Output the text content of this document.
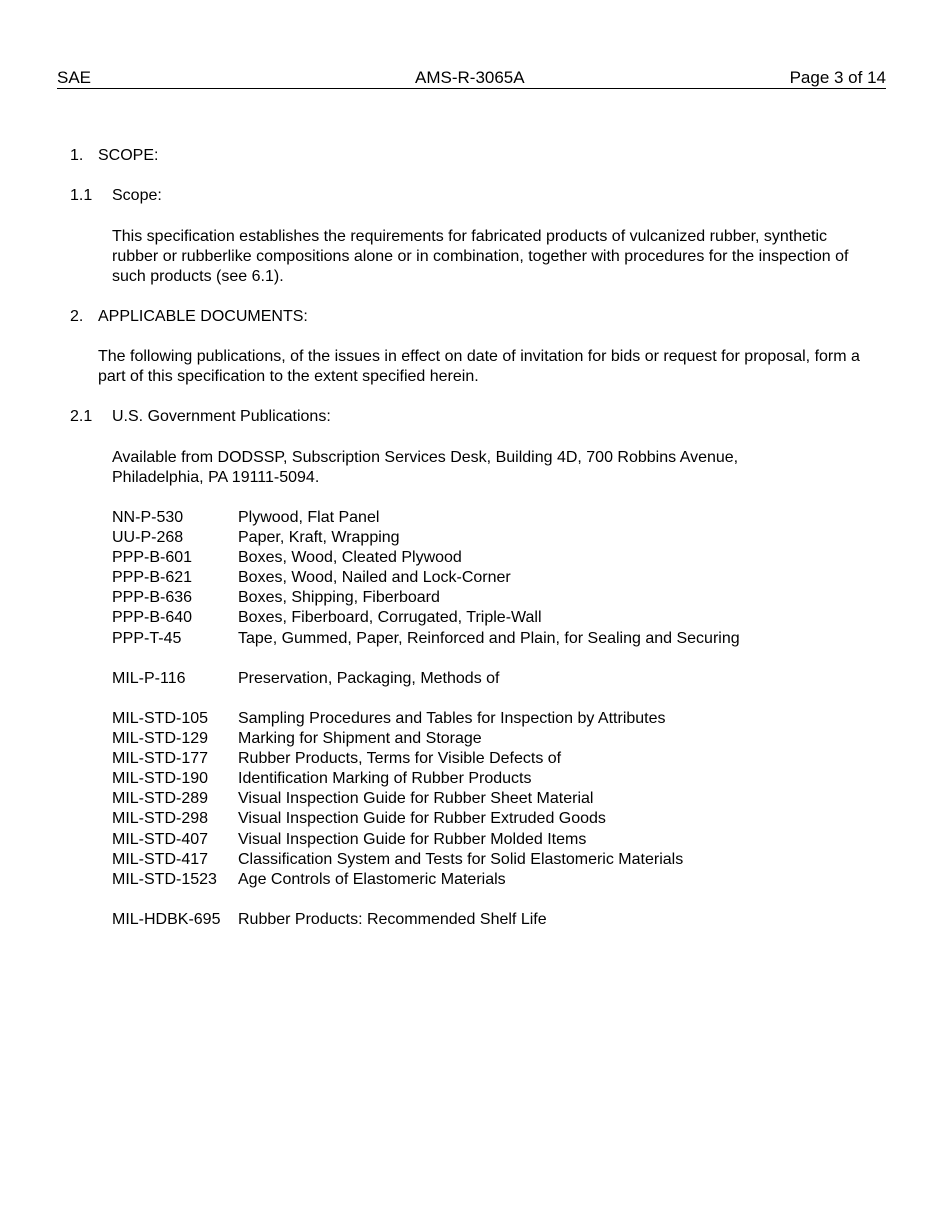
SAE	AMS-R-3065A	Page 3 of 14
1. SCOPE:
1.1 Scope:
This specification establishes the requirements for fabricated products of vulcanized rubber, synthetic rubber or rubberlike compositions alone or in combination, together with procedures for the inspection of such products (see 6.1).
2. APPLICABLE DOCUMENTS:
The following publications, of the issues in effect on date of invitation for bids or request for proposal, form a part of this specification to the extent specified herein.
2.1 U.S. Government Publications:
Available from DODSSP, Subscription Services Desk, Building 4D, 700 Robbins Avenue, Philadelphia, PA 19111-5094.
NN-P-530	Plywood, Flat Panel
UU-P-268	Paper, Kraft, Wrapping
PPP-B-601	Boxes, Wood, Cleated Plywood
PPP-B-621	Boxes, Wood, Nailed and Lock-Corner
PPP-B-636	Boxes, Shipping, Fiberboard
PPP-B-640	Boxes, Fiberboard, Corrugated, Triple-Wall
PPP-T-45	Tape, Gummed, Paper, Reinforced and Plain, for Sealing and Securing
MIL-P-116	Preservation, Packaging, Methods of
MIL-STD-105 Sampling Procedures and Tables for Inspection by Attributes
MIL-STD-129 Marking for Shipment and Storage
MIL-STD-177 Rubber Products, Terms for Visible Defects of
MIL-STD-190 Identification Marking of Rubber Products
MIL-STD-289 Visual Inspection Guide for Rubber Sheet Material
MIL-STD-298 Visual Inspection Guide for Rubber Extruded Goods
MIL-STD-407 Visual Inspection Guide for Rubber Molded Items
MIL-STD-417 Classification System and Tests for Solid Elastomeric Materials
MIL-STD-1523 Age Controls of Elastomeric Materials
MIL-HDBK-695 Rubber Products: Recommended Shelf Life
